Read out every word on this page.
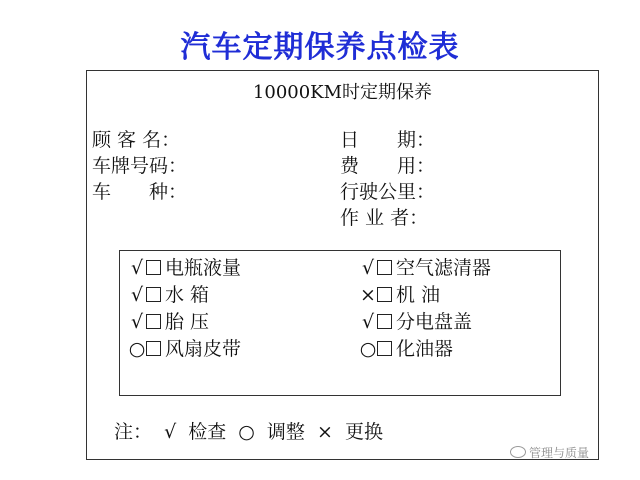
汽车定期保养点检表
10000KM时定期保养
顾 客 名：
车牌号码：
车　　种：
日　　期：
费　　用：
行驶公里：
作 业 者：
√ 电瓶液量	√ 空气滤清器
√ 水 箱	× 机 油
√ 胎 压	√ 分电盘盖
○ 风扇皮带	○ 化油器
注： √ 检查 ○ 调整 × 更换
管理与质量
